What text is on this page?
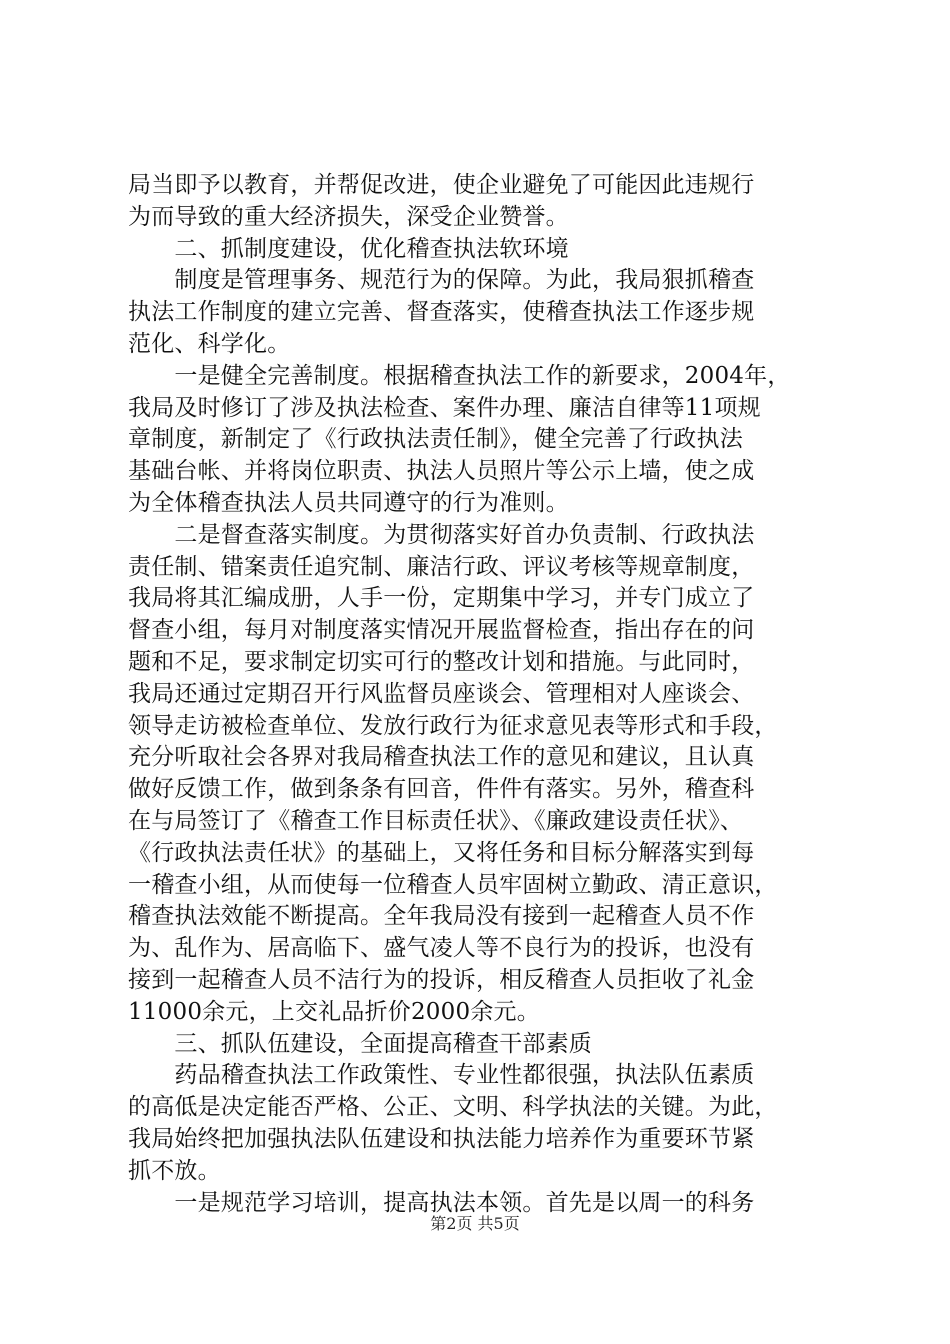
局当即予以教育，并帮促改进，使企业避免了可能因此违规行
为而导致的重大经济损失，深受企业赞誉。
　　二、抓制度建设，优化稽查执法软环境
　　制度是管理事务、规范行为的保障。为此，我局狠抓稽查
执法工作制度的建立完善、督查落实，使稽查执法工作逐步规
范化、科学化。
　　一是健全完善制度。根据稽查执法工作的新要求，2004年，
我局及时修订了涉及执法检查、案件办理、廉洁自律等11项规
章制度，新制定了《行政执法责任制》，健全完善了行政执法
基础台帐、并将岗位职责、执法人员照片等公示上墙，使之成
为全体稽查执法人员共同遵守的行为准则。
　　二是督查落实制度。为贯彻落实好首办负责制、行政执法
责任制、错案责任追究制、廉洁行政、评议考核等规章制度，
我局将其汇编成册，人手一份，定期集中学习，并专门成立了
督查小组，每月对制度落实情况开展监督检查，指出存在的问
题和不足，要求制定切实可行的整改计划和措施。与此同时，
我局还通过定期召开行风监督员座谈会、管理相对人座谈会、
领导走访被检查单位、发放行政行为征求意见表等形式和手段，
充分听取社会各界对我局稽查执法工作的意见和建议，且认真
做好反馈工作，做到条条有回音，件件有落实。另外，稽查科
在与局签订了《稽查工作目标责任状》、《廉政建设责任状》、
《行政执法责任状》的基础上，又将任务和目标分解落实到每
一稽查小组，从而使每一位稽查人员牢固树立勤政、清正意识，
稽查执法效能不断提高。全年我局没有接到一起稽查人员不作
为、乱作为、居高临下、盛气凌人等不良行为的投诉，也没有
接到一起稽查人员不洁行为的投诉，相反稽查人员拒收了礼金
11000余元，上交礼品折价2000余元。
　　三、抓队伍建设，全面提高稽查干部素质
　　药品稽查执法工作政策性、专业性都很强，执法队伍素质
的高低是决定能否严格、公正、文明、科学执法的关键。为此，
我局始终把加强执法队伍建设和执法能力培养作为重要环节紧
抓不放。
　　一是规范学习培训，提高执法本领。首先是以周一的科务
第2页 共5页
